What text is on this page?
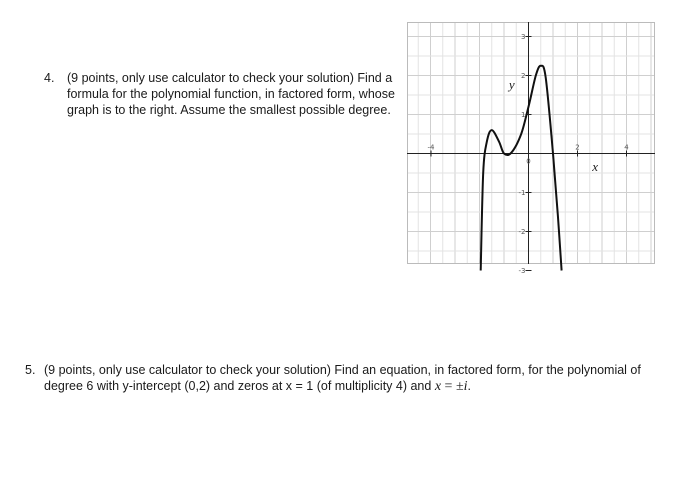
4. (9 points, only use calculator to check your solution) Find a formula for the polynomial function, in factored form, whose graph is to the right. Assume the smallest possible degree.
-4
0
2	4
3
2
1
-1
-2
-3
x
y
5. (9 points, only use calculator to check your solution) Find an equation, in factored form, for the polynomial of degree 6 with y-intercept (0,2) and zeros at x = 1 (of multiplicity 4) and x = ±i.
